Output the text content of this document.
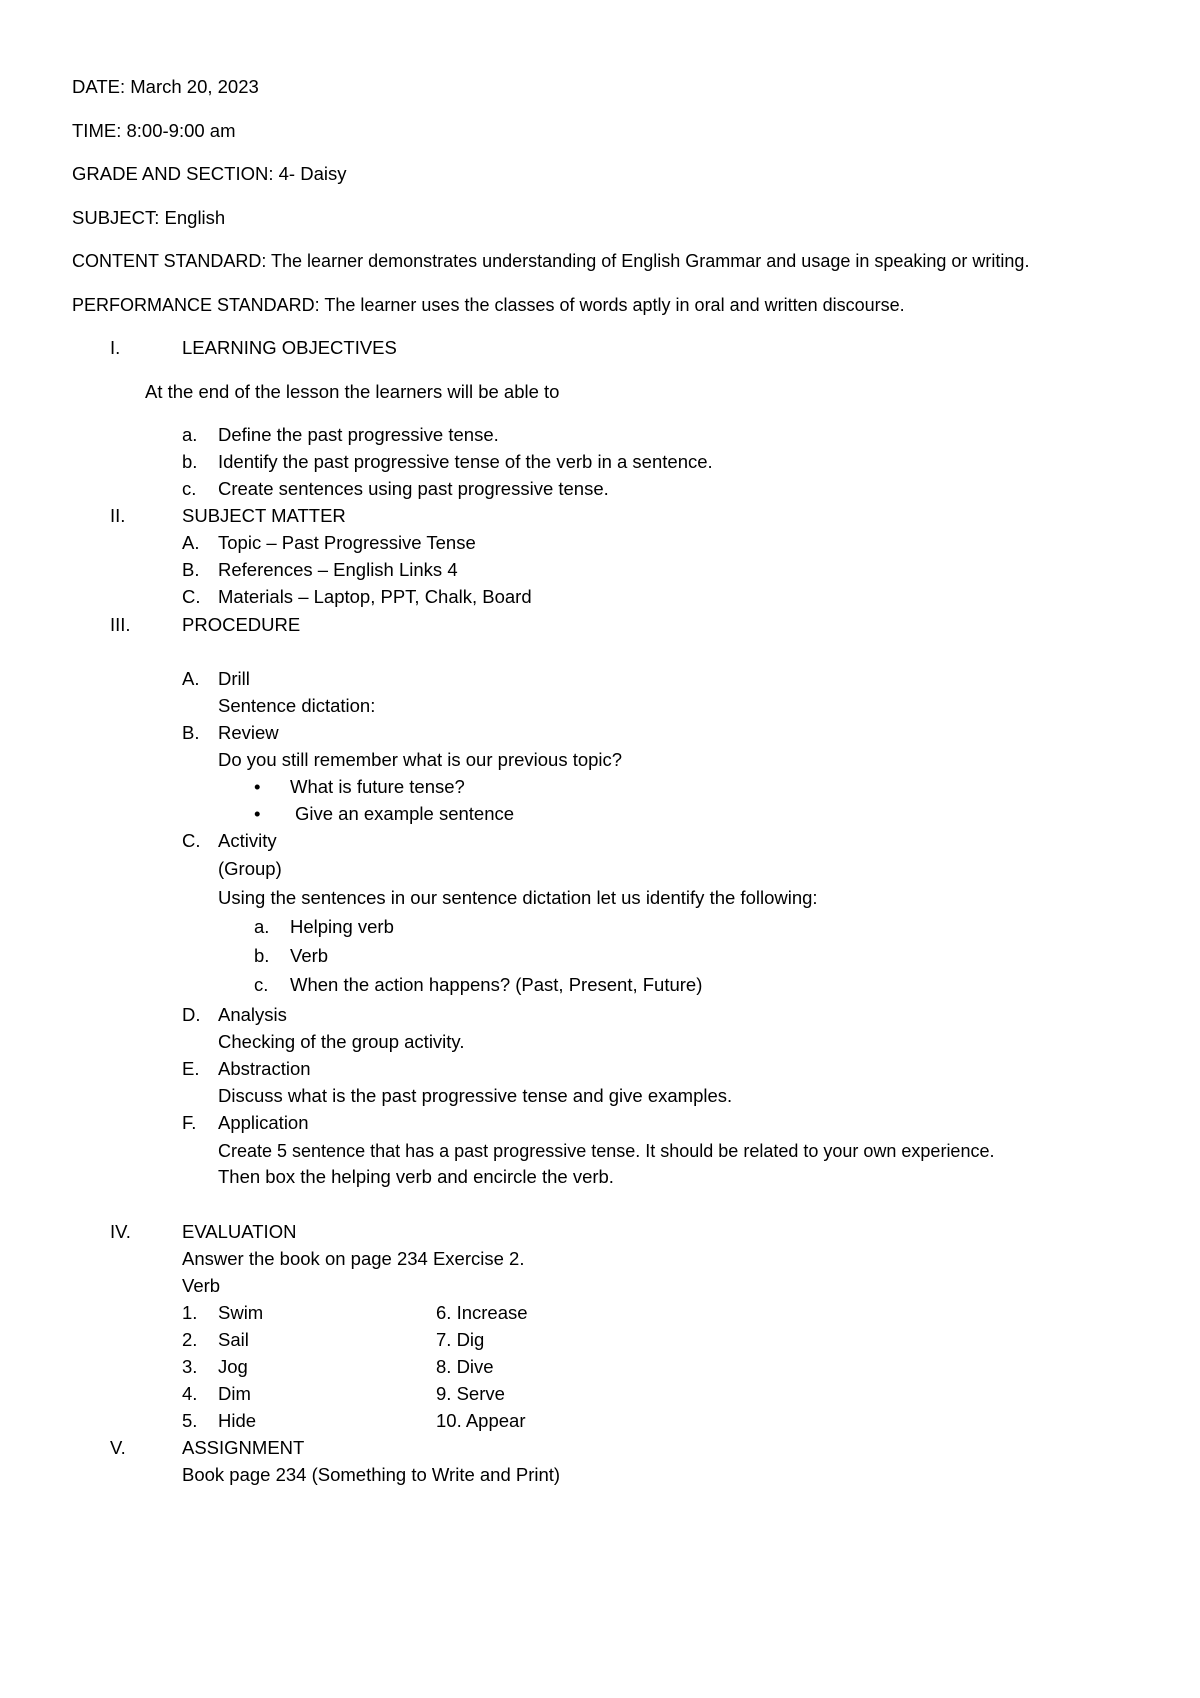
DATE: March 20, 2023
TIME: 8:00-9:00 am
GRADE AND SECTION: 4- Daisy
SUBJECT: English
CONTENT STANDARD: The learner demonstrates understanding of English Grammar and usage in speaking or writing.
PERFORMANCE STANDARD: The learner uses the classes of words aptly in oral and written discourse.
I.	LEARNING OBJECTIVES
At the end of the lesson the learners will be able to
a. Define the past progressive tense.
b. Identify the past progressive tense of the verb in a sentence.
c. Create sentences using past progressive tense.
II.	SUBJECT MATTER
A. Topic – Past Progressive Tense
B. References – English Links 4
C. Materials – Laptop, PPT, Chalk, Board
III.	PROCEDURE
A. Drill
Sentence dictation:
B. Review
Do you still remember what is our previous topic?
• What is future tense?
• Give an example sentence
C. Activity
(Group)
Using the sentences in our sentence dictation let us identify the following:
a. Helping verb
b. Verb
c. When the action happens? (Past, Present, Future)
D. Analysis
Checking of the group activity.
E. Abstraction
Discuss what is the past progressive tense and give examples.
F. Application
Create 5 sentence that has a past progressive tense. It should be related to your own experience.
Then box the helping verb and encircle the verb.
IV.	EVALUATION
Answer the book on page 234 Exercise 2.
Verb
1. Swim	6. Increase
2. Sail	7. Dig
3. Jog	8. Dive
4. Dim	9. Serve
5. Hide	10. Appear
V.	ASSIGNMENT
Book page 234 (Something to Write and Print)
